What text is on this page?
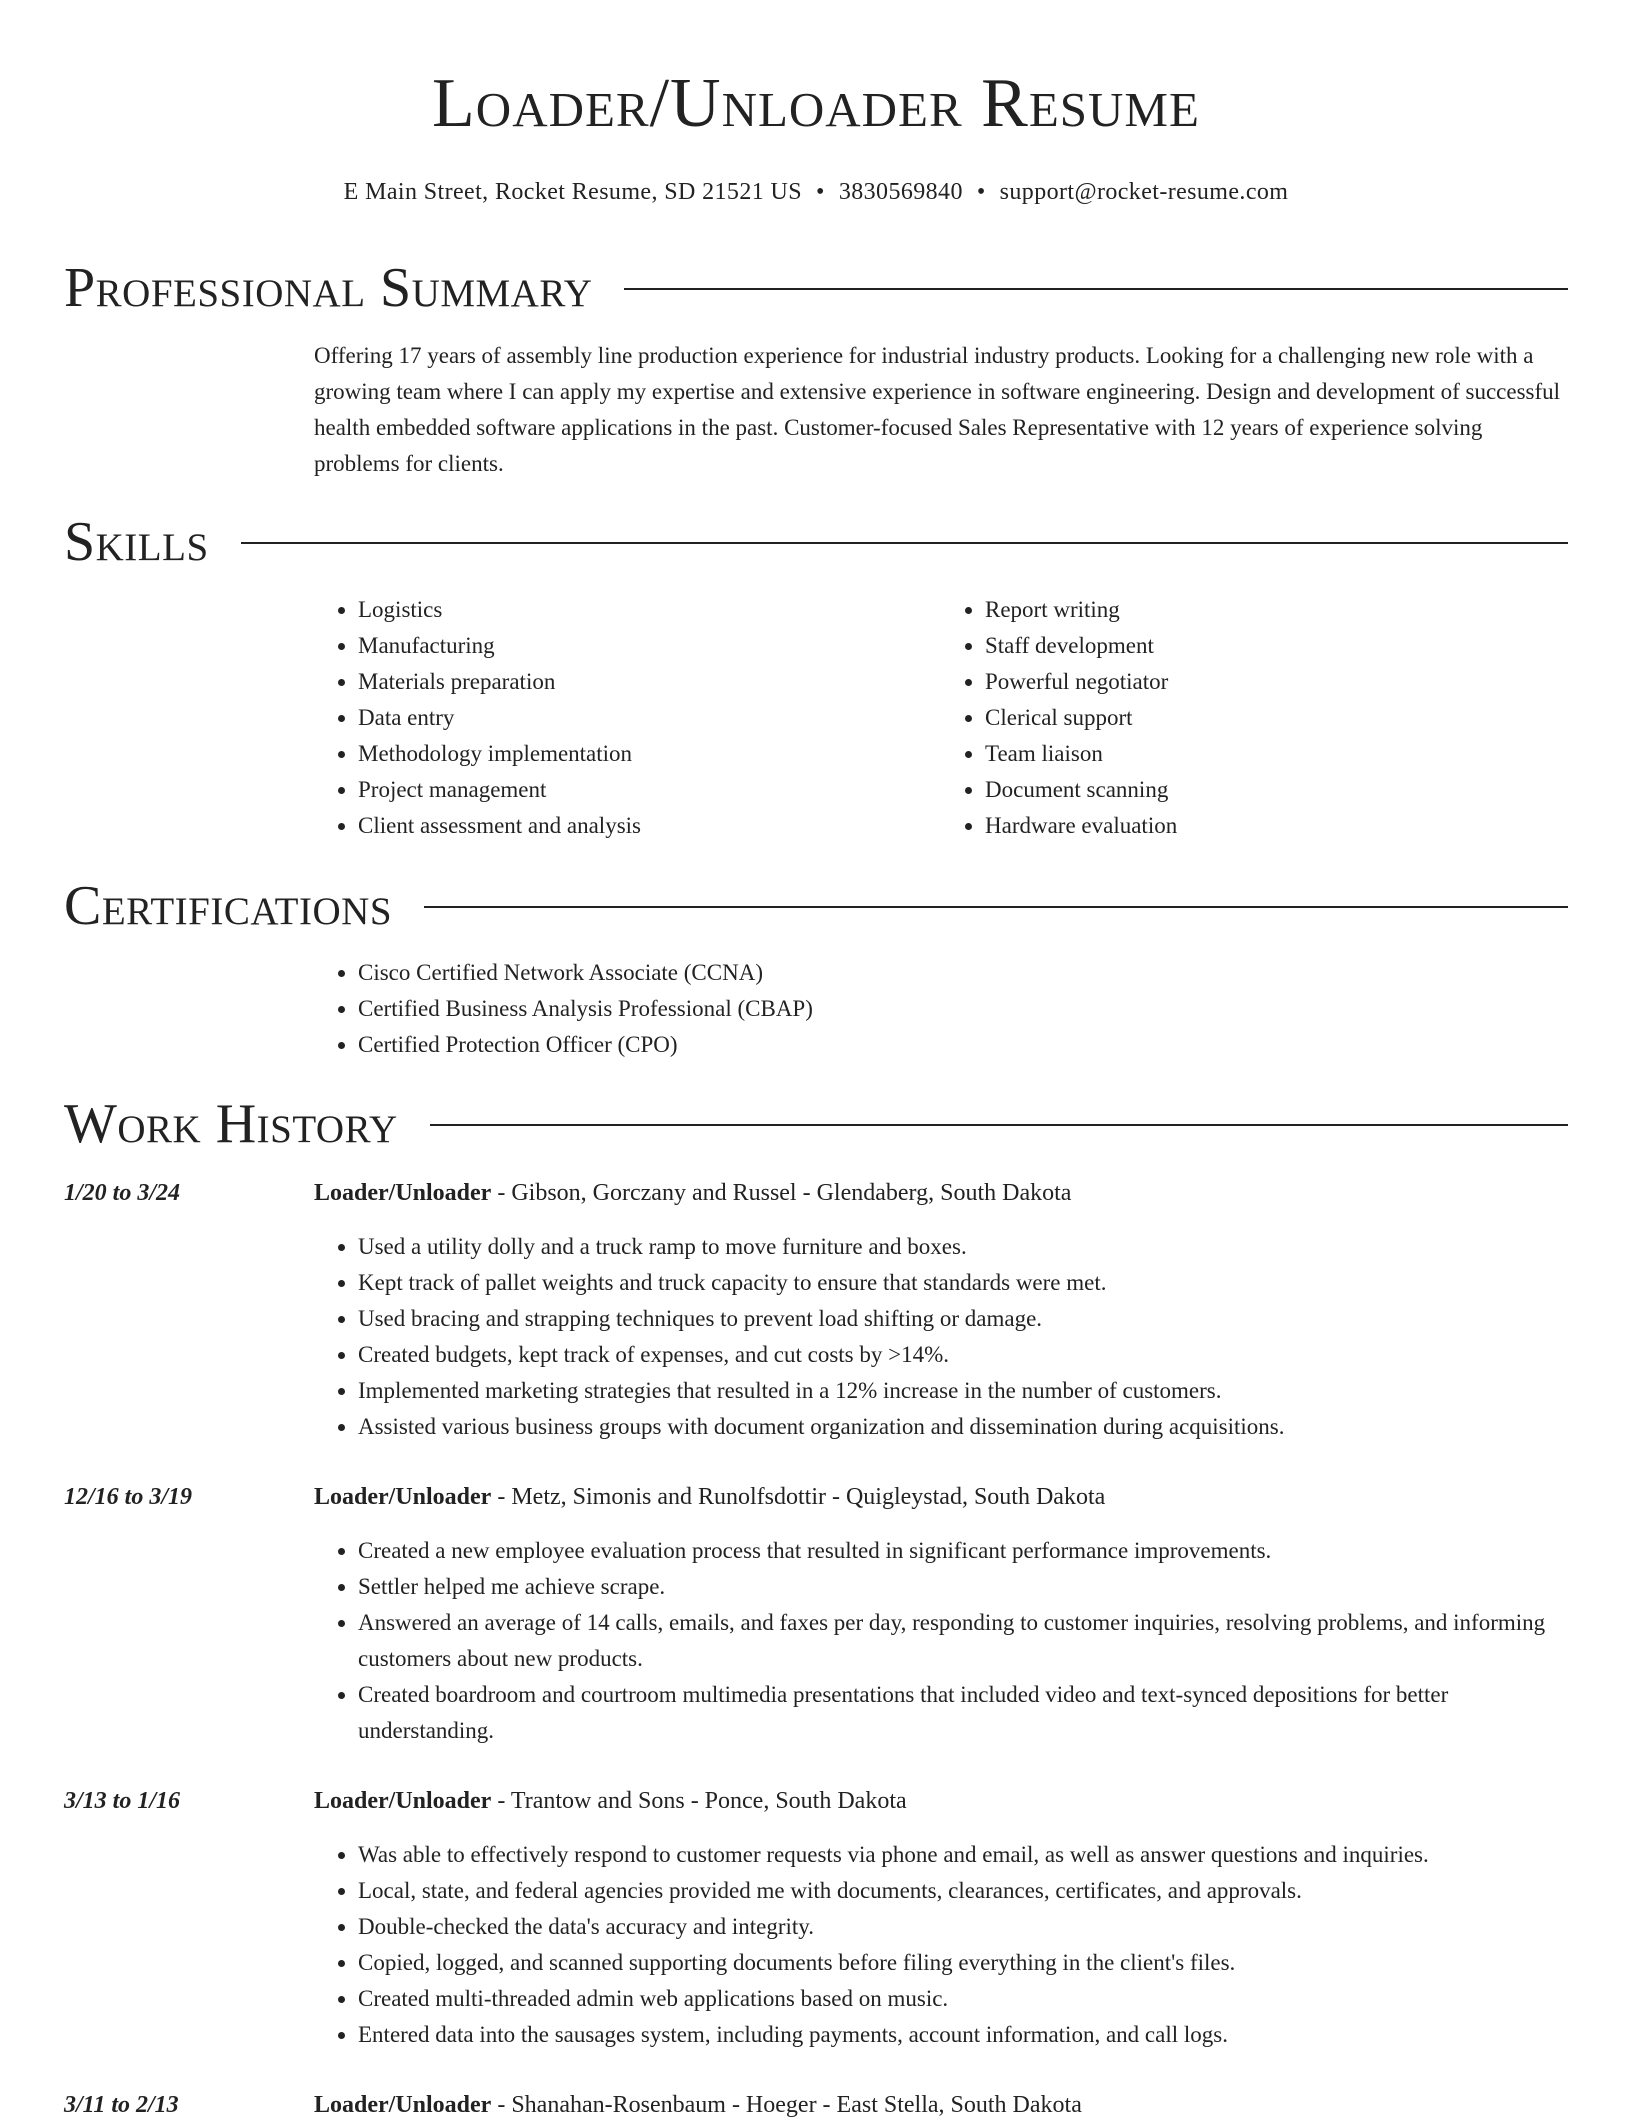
Loader/Unloader Resume
E Main Street, Rocket Resume, SD 21521 US • 3830569840 • support@rocket-resume.com
Professional Summary
Offering 17 years of assembly line production experience for industrial industry products. Looking for a challenging new role with a growing team where I can apply my expertise and extensive experience in software engineering. Design and development of successful health embedded software applications in the past. Customer-focused Sales Representative with 12 years of experience solving problems for clients.
Skills
• Logistics
• Manufacturing
• Materials preparation
• Data entry
• Methodology implementation
• Project management
• Client assessment and analysis
• Report writing
• Staff development
• Powerful negotiator
• Clerical support
• Team liaison
• Document scanning
• Hardware evaluation
Certifications
• Cisco Certified Network Associate (CCNA)
• Certified Business Analysis Professional (CBAP)
• Certified Protection Officer (CPO)
Work History
1/20 to 3/24	Loader/Unloader - Gibson, Gorczany and Russel - Glendaberg, South Dakota
• Used a utility dolly and a truck ramp to move furniture and boxes.
• Kept track of pallet weights and truck capacity to ensure that standards were met.
• Used bracing and strapping techniques to prevent load shifting or damage.
• Created budgets, kept track of expenses, and cut costs by >14%.
• Implemented marketing strategies that resulted in a 12% increase in the number of customers.
• Assisted various business groups with document organization and dissemination during acquisitions.
12/16 to 3/19	Loader/Unloader - Metz, Simonis and Runolfsdottir - Quigleystad, South Dakota
• Created a new employee evaluation process that resulted in significant performance improvements.
• Settler helped me achieve scrape.
• Answered an average of 14 calls, emails, and faxes per day, responding to customer inquiries, resolving problems, and informing customers about new products.
• Created boardroom and courtroom multimedia presentations that included video and text-synced depositions for better understanding.
3/13 to 1/16	Loader/Unloader - Trantow and Sons - Ponce, South Dakota
• Was able to effectively respond to customer requests via phone and email, as well as answer questions and inquiries.
• Local, state, and federal agencies provided me with documents, clearances, certificates, and approvals.
• Double-checked the data's accuracy and integrity.
• Copied, logged, and scanned supporting documents before filing everything in the client's files.
• Created multi-threaded admin web applications based on music.
• Entered data into the sausages system, including payments, account information, and call logs.
3/11 to 2/13	Loader/Unloader - Shanahan-Rosenbaum - Hoeger - East Stella, South Dakota
